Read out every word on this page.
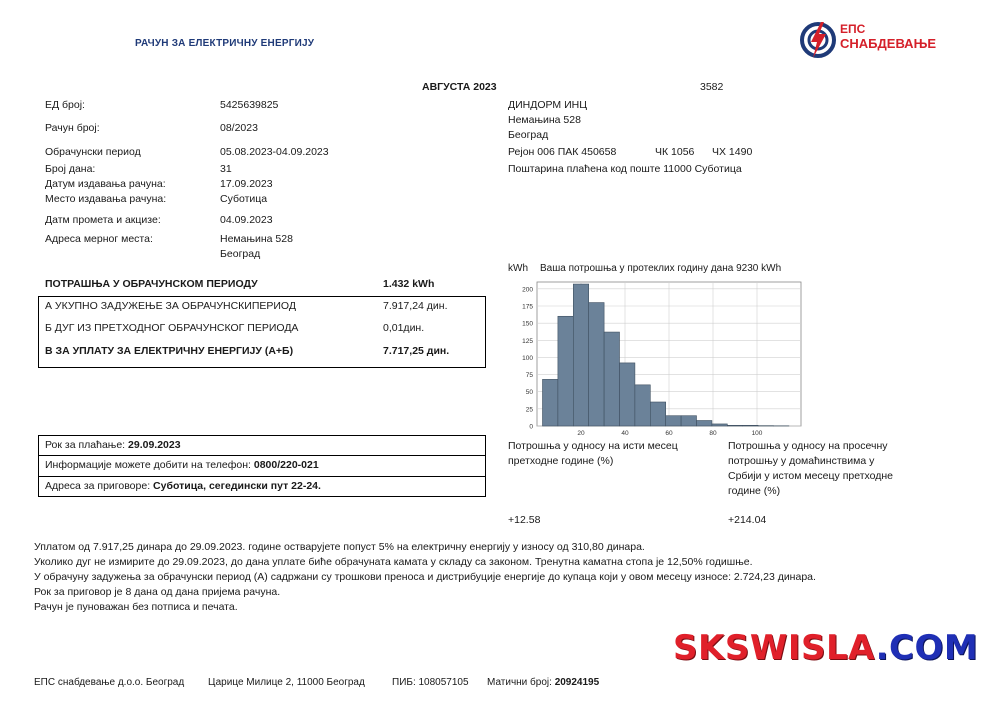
РАЧУН ЗА ЕЛЕКТРИЧНУ ЕНЕРГИЈУ
ЕПС
СНАБДЕВАЊЕ
АВГУСТА 2023	3582
ЕД број:	5425639825
Рачун број:	08/2023
Обрачунски период	05.08.2023-04.09.2023
Број дана:	31
Датум издавања рачуна:	17.09.2023
Место издавања рачуна:	Суботица
Датм промета и акцизе:	04.09.2023
Адреса мерног места:	Немањина 528
Београд
ДИНДОРМ ИНЦ
Немањина 528
Београд
Рејон 006 ПАК 450658	ЧК 1056 ЧХ 1490
Поштарина плаћена код поште 11000 Суботица
ПОТРАШЊА У ОБРАЧУНСКОМ ПЕРИОДУ	1.432 kWh
А УКУПНО ЗАДУЖЕЊЕ ЗА ОБРАЧУНСКИПЕРИОД	7.917,24 дин.
Б ДУГ ИЗ ПРЕТХОДНОГ ОБРАЧУНСКОГ ПЕРИОДА	0,01дин.
В ЗА УПЛАТУ ЗА ЕЛЕКТРИЧНУ ЕНЕРГИЈУ (А+Б)	7.717,25 дин.
Рок за плаћање: 29.09.2023
Информације можете добити на телефон: 0800/220-021
Адреса за приговоре: Суботица, сегедински пут 22-24.
kWh Ваша потрошња у протеклих годину дана 9230 kWh
0
25
50
75
100
125
150
175
200
20	40	60	80	100
Потрошња у односу на исти месец
претходне године (%)
+12.58
Потрошња у односу на просечну
потрошњу у домаћинствима у
Србији у истом месецу претходне
године (%)
+214.04
Уплатом од 7.917,25 динара до 29.09.2023. године остварујете попуст 5% на електричну енергију у износу од 310,80 динара.
Уколико дуг не измирите до 29.09.2023, до дана уплате биће обрачуната камата у складу са законом. Тренутна каматна стопа је 12,50% годишње.
У обрачуну задужења за обрачунски период (А) садржани су трошкови преноса и дистрибуције енергије до купаца који у овом месецу износе: 2.724,23 динара.
Рок за приговор је 8 дана од дана пријема рачуна.
Рачун је пуноважан без потписа и печата.
SKSWISLA.COM
ЕПС снабдевање д.о.о. Београд Царице Милице 2, 11000 Београд	ПИБ: 108057105 Матични број: 20924195
